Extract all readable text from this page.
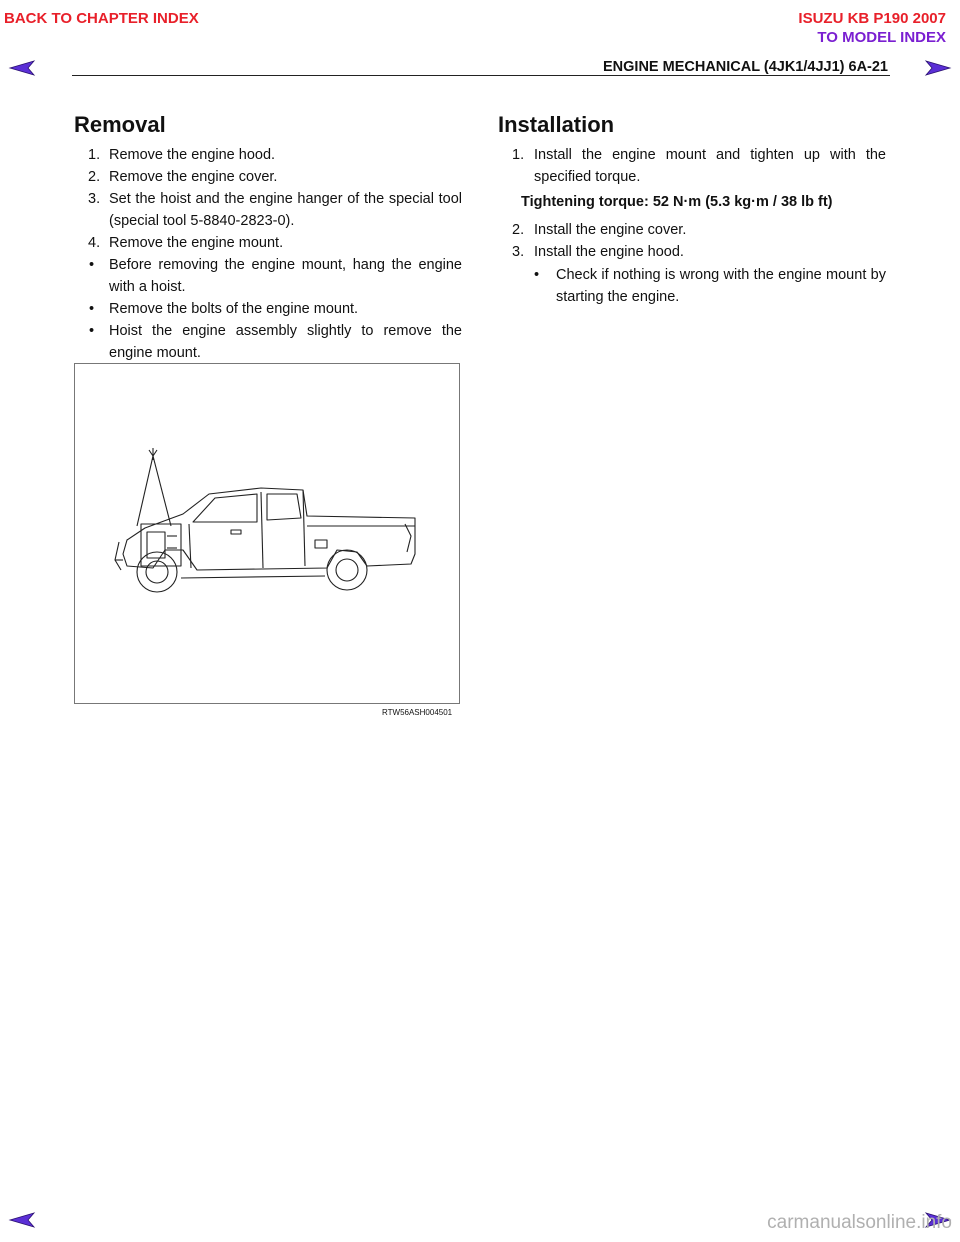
BACK TO CHAPTER INDEX	ISUZU KB P190 2007
TO MODEL INDEX
ENGINE MECHANICAL (4JK1/4JJ1) 6A-21
Removal
1. Remove the engine hood.
2. Remove the engine cover.
3. Set the hoist and the engine hanger of the special tool (special tool 5-8840-2823-0).
4. Remove the engine mount.
•	Before removing the engine mount, hang the engine with a hoist.
•	Remove the bolts of the engine mount.
•	Hoist the engine assembly slightly to remove the engine mount.
RTW56ASH004501
Installation
1. Install the engine mount and tighten up with the specified torque.
Tightening torque: 52 N·m (5.3 kg·m / 38 lb ft)
2. Install the engine cover.
3. Install the engine hood.
•	Check if nothing is wrong with the engine mount by starting the engine.
carmanualsonline.info
